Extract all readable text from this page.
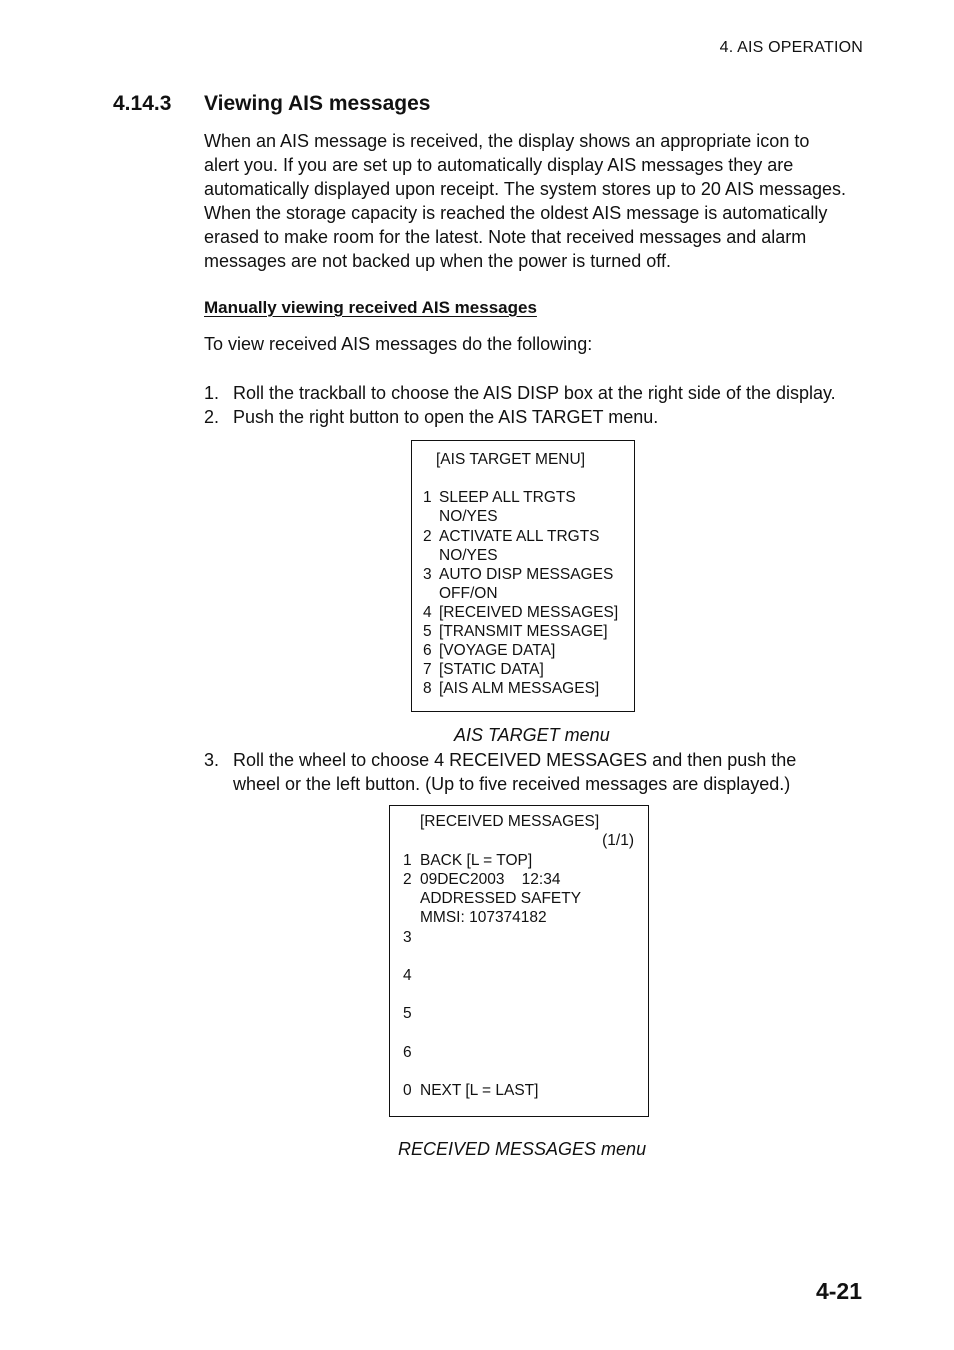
4. AIS OPERATION
4.14.3 Viewing AIS messages
When an AIS message is received, the display shows an appropriate icon to
alert you. If you are set up to automatically display AIS messages they are
automatically displayed upon receipt. The system stores up to 20 AIS messages.
When the storage capacity is reached the oldest AIS message is automatically
erased to make room for the latest. Note that received messages and alarm
messages are not backed up when the power is turned off.
Manually viewing received AIS messages
To view received AIS messages do the following:
1. Roll the trackball to choose the AIS DISP box at the right side of the display.
2. Push the right button to open the AIS TARGET menu.
[AIS TARGET MENU]
1 SLEEP ALL TRGTS
NO/YES
2 ACTIVATE ALL TRGTS
NO/YES
3 AUTO DISP MESSAGES
OFF/ON
4 [RECEIVED MESSAGES]
5 [TRANSMIT MESSAGE]
6 [VOYAGE DATA]
7 [STATIC DATA]
8 [AIS ALM MESSAGES]
AIS TARGET menu
3. Roll the wheel to choose 4 RECEIVED MESSAGES and then push the
wheel or the left button. (Up to five received messages are displayed.)
[RECEIVED MESSAGES]
(1/1)
1 BACK [L = TOP]
2 09DEC2003    12:34
ADDRESSED SAFETY
MMSI: 107374182
3
4
5
6
0 NEXT [L = LAST]
RECEIVED MESSAGES menu
4-21
